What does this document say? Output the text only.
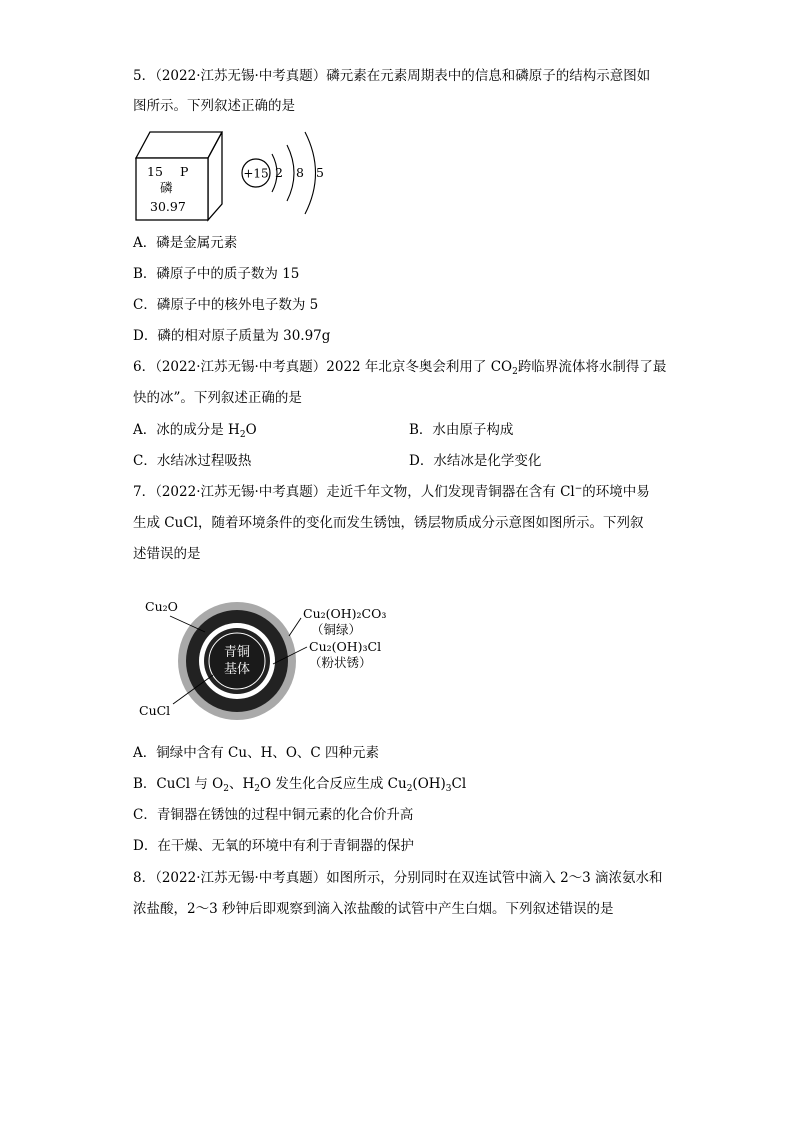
5．（2022·江苏无锡·中考真题）磷元素在元素周期表中的信息和磷原子的结构示意图如
图所示。下列叙述正确的是
15 P
磷
30.97
+15 2 8 5
A．磷是金属元素
B．磷原子中的质子数为 15
C．磷原子中的核外电子数为 5
D．磷的相对原子质量为 30.97g
6．（2022·江苏无锡·中考真题）2022 年北京冬奥会利用了 $CO_2$跨临界流体将水制得了最
快的冰”。下列叙述正确的是
A．冰的成分是 $H_2O$	B．水由原子构成
C．水结冰过程吸热	D．水结冰是化学变化
7．（2022·江苏无锡·中考真题）走近千年文物，人们发现青铜器在含有 Cl−的环境中易
生成 CuCl，随着环境条件的变化而发生锈蚀，锈层物质成分示意图如图所示。下列叙
述错误的是
青铜
基体
Cu₂O
CuCl
Cu₂(OH)₂CO₃
（铜绿）
Cu₂(OH)₃Cl
（粉状锈）
A．铜绿中含有 Cu、H、O、C 四种元素
B．CuCl 与 $O_2$、$H_2O$ 发生化合反应生成 $Cu_2(OH)_3Cl$
C．青铜器在锈蚀的过程中铜元素的化合价升高
D．在干燥、无氧的环境中有利于青铜器的保护
8．（2022·江苏无锡·中考真题）如图所示，分别同时在双连试管中滴入 2～3 滴浓氨水和
浓盐酸，2～3 秒钟后即观察到滴入浓盐酸的试管中产生白烟。下列叙述错误的是
